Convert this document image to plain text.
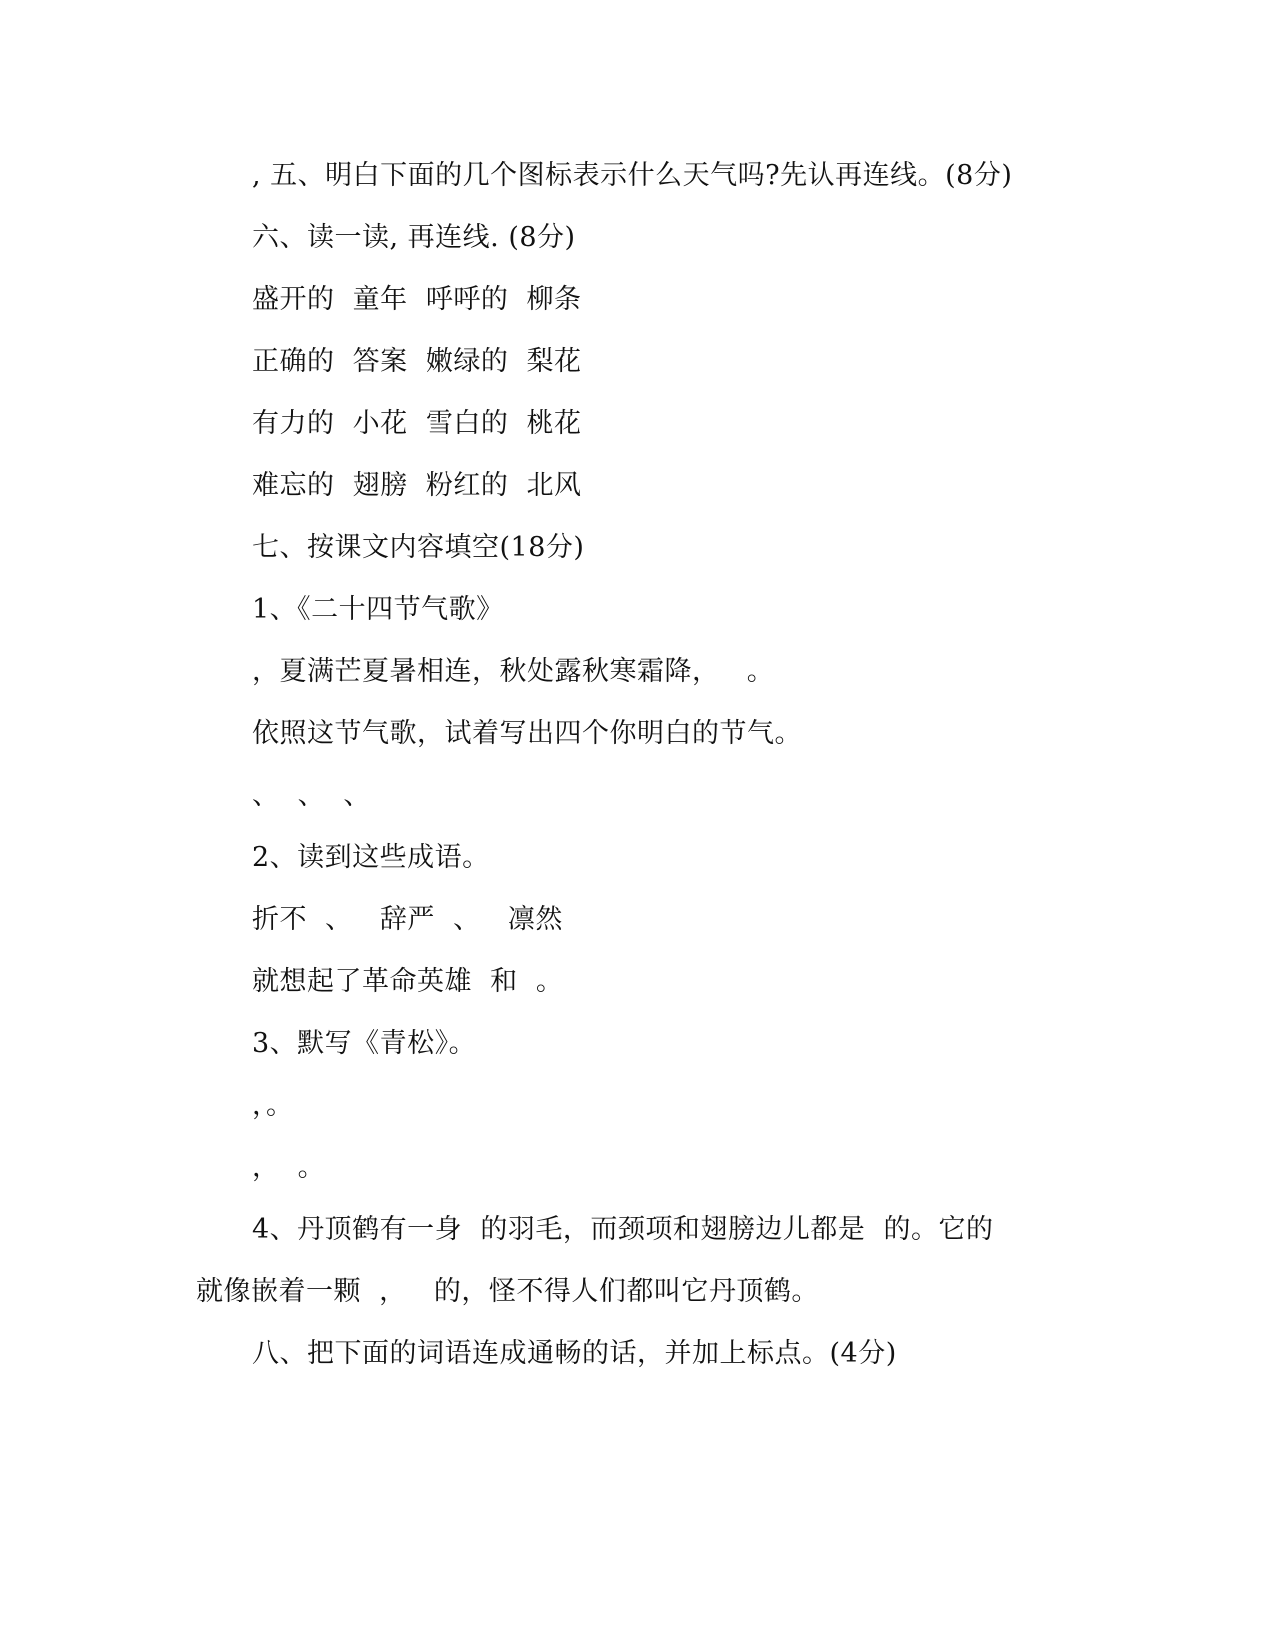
, 五、明白下面的几个图标表示什么天气吗?先认再连线。(8分)
六、读一读, 再连线. (8分)
盛开的  童年  呼呼的  柳条
正确的  答案  嫩绿的  梨花
有力的  小花  雪白的  桃花
难忘的  翅膀  粉红的  北风
七、按课文内容填空(18分)
1、《二十四节气歌》
，夏满芒夏暑相连，秋处露秋寒霜降，   。
依照这节气歌，试着写出四个你明白的节气。
、  、  、
2、读到这些成语。
折不  、   辞严  、   凛然
就想起了革命英雄  和  。
3、默写《青松》。
，。
，  。
4、丹顶鹤有一身  的羽毛，而颈项和翅膀边儿都是  的。它的
就像嵌着一颗  ，   的，怪不得人们都叫它丹顶鹤。
八、把下面的词语连成通畅的话，并加上标点。(4分)
